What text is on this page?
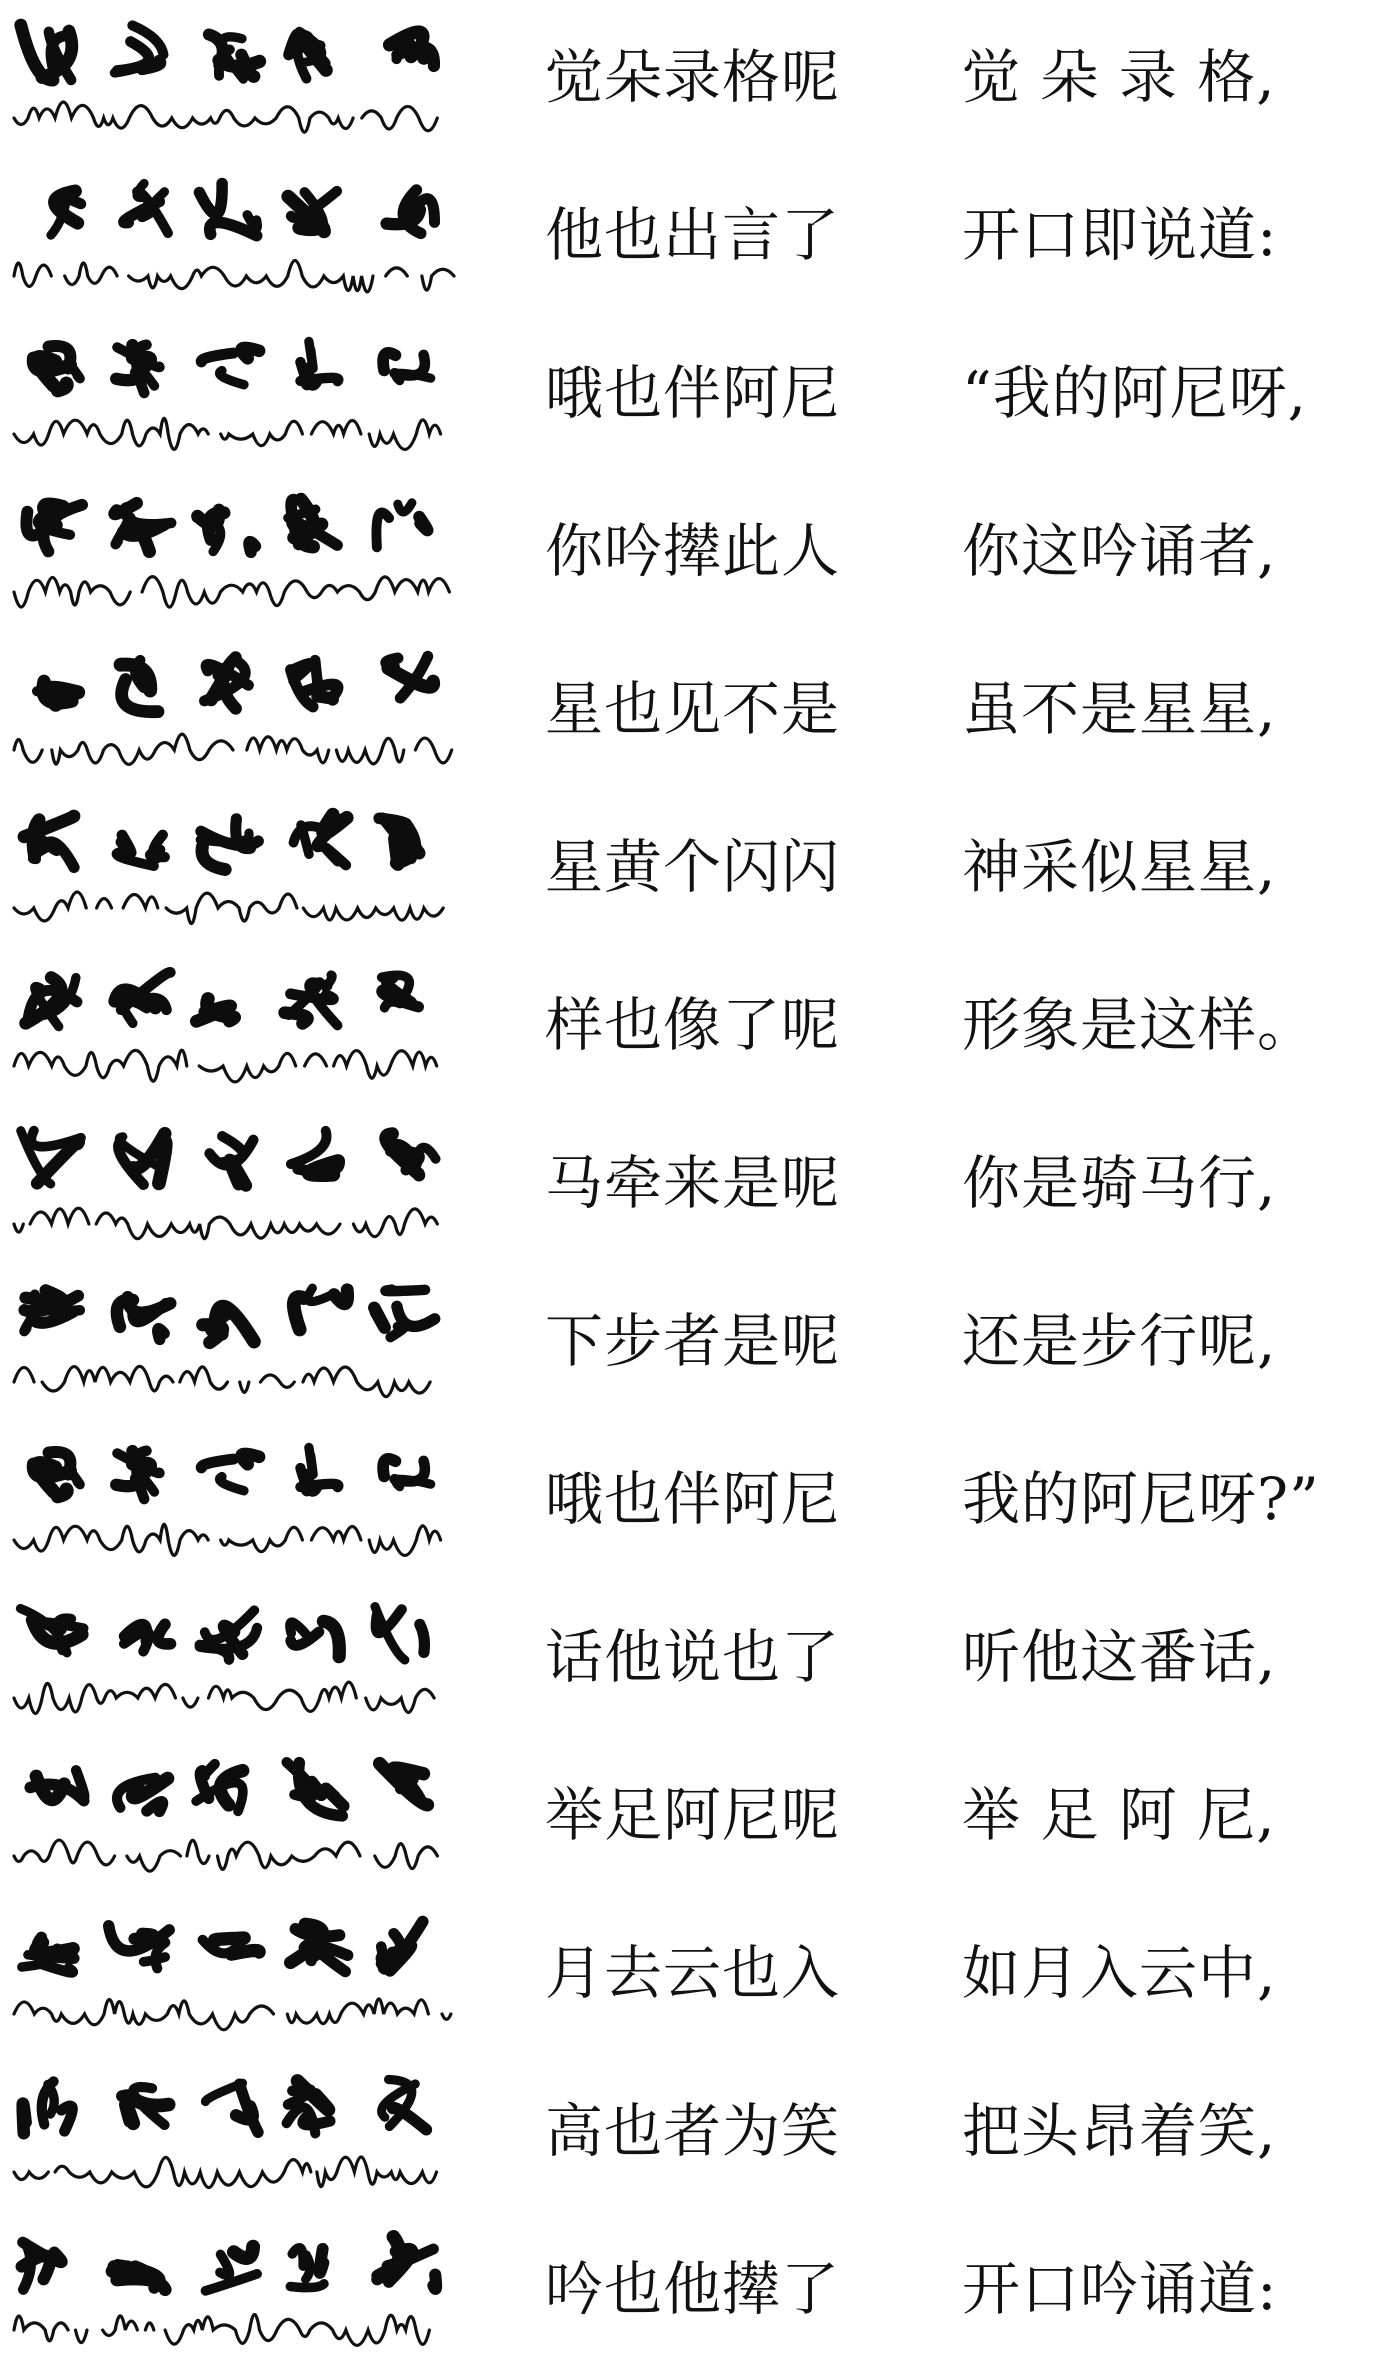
觉朵录格呢 觉 朵 录 格,
他也出言了 开口即说道:
哦也伴阿尼 “我的阿尼呀,
你吟撵此人 你这吟诵者,
星也见不是 虽不是星星,
星黄个闪闪 神采似星星,
样也像了呢 形象是这样。
马牵来是呢 你是骑马行,
下步者是呢 还是步行呢,
哦也伴阿尼 我的阿尼呀?”
话他说也了 听他这番话,
举足阿尼呢 举 足 阿 尼,
月去云也入 如月入云中,
高也者为笑 把头昂着笑,
吟也他撵了 开口吟诵道:
